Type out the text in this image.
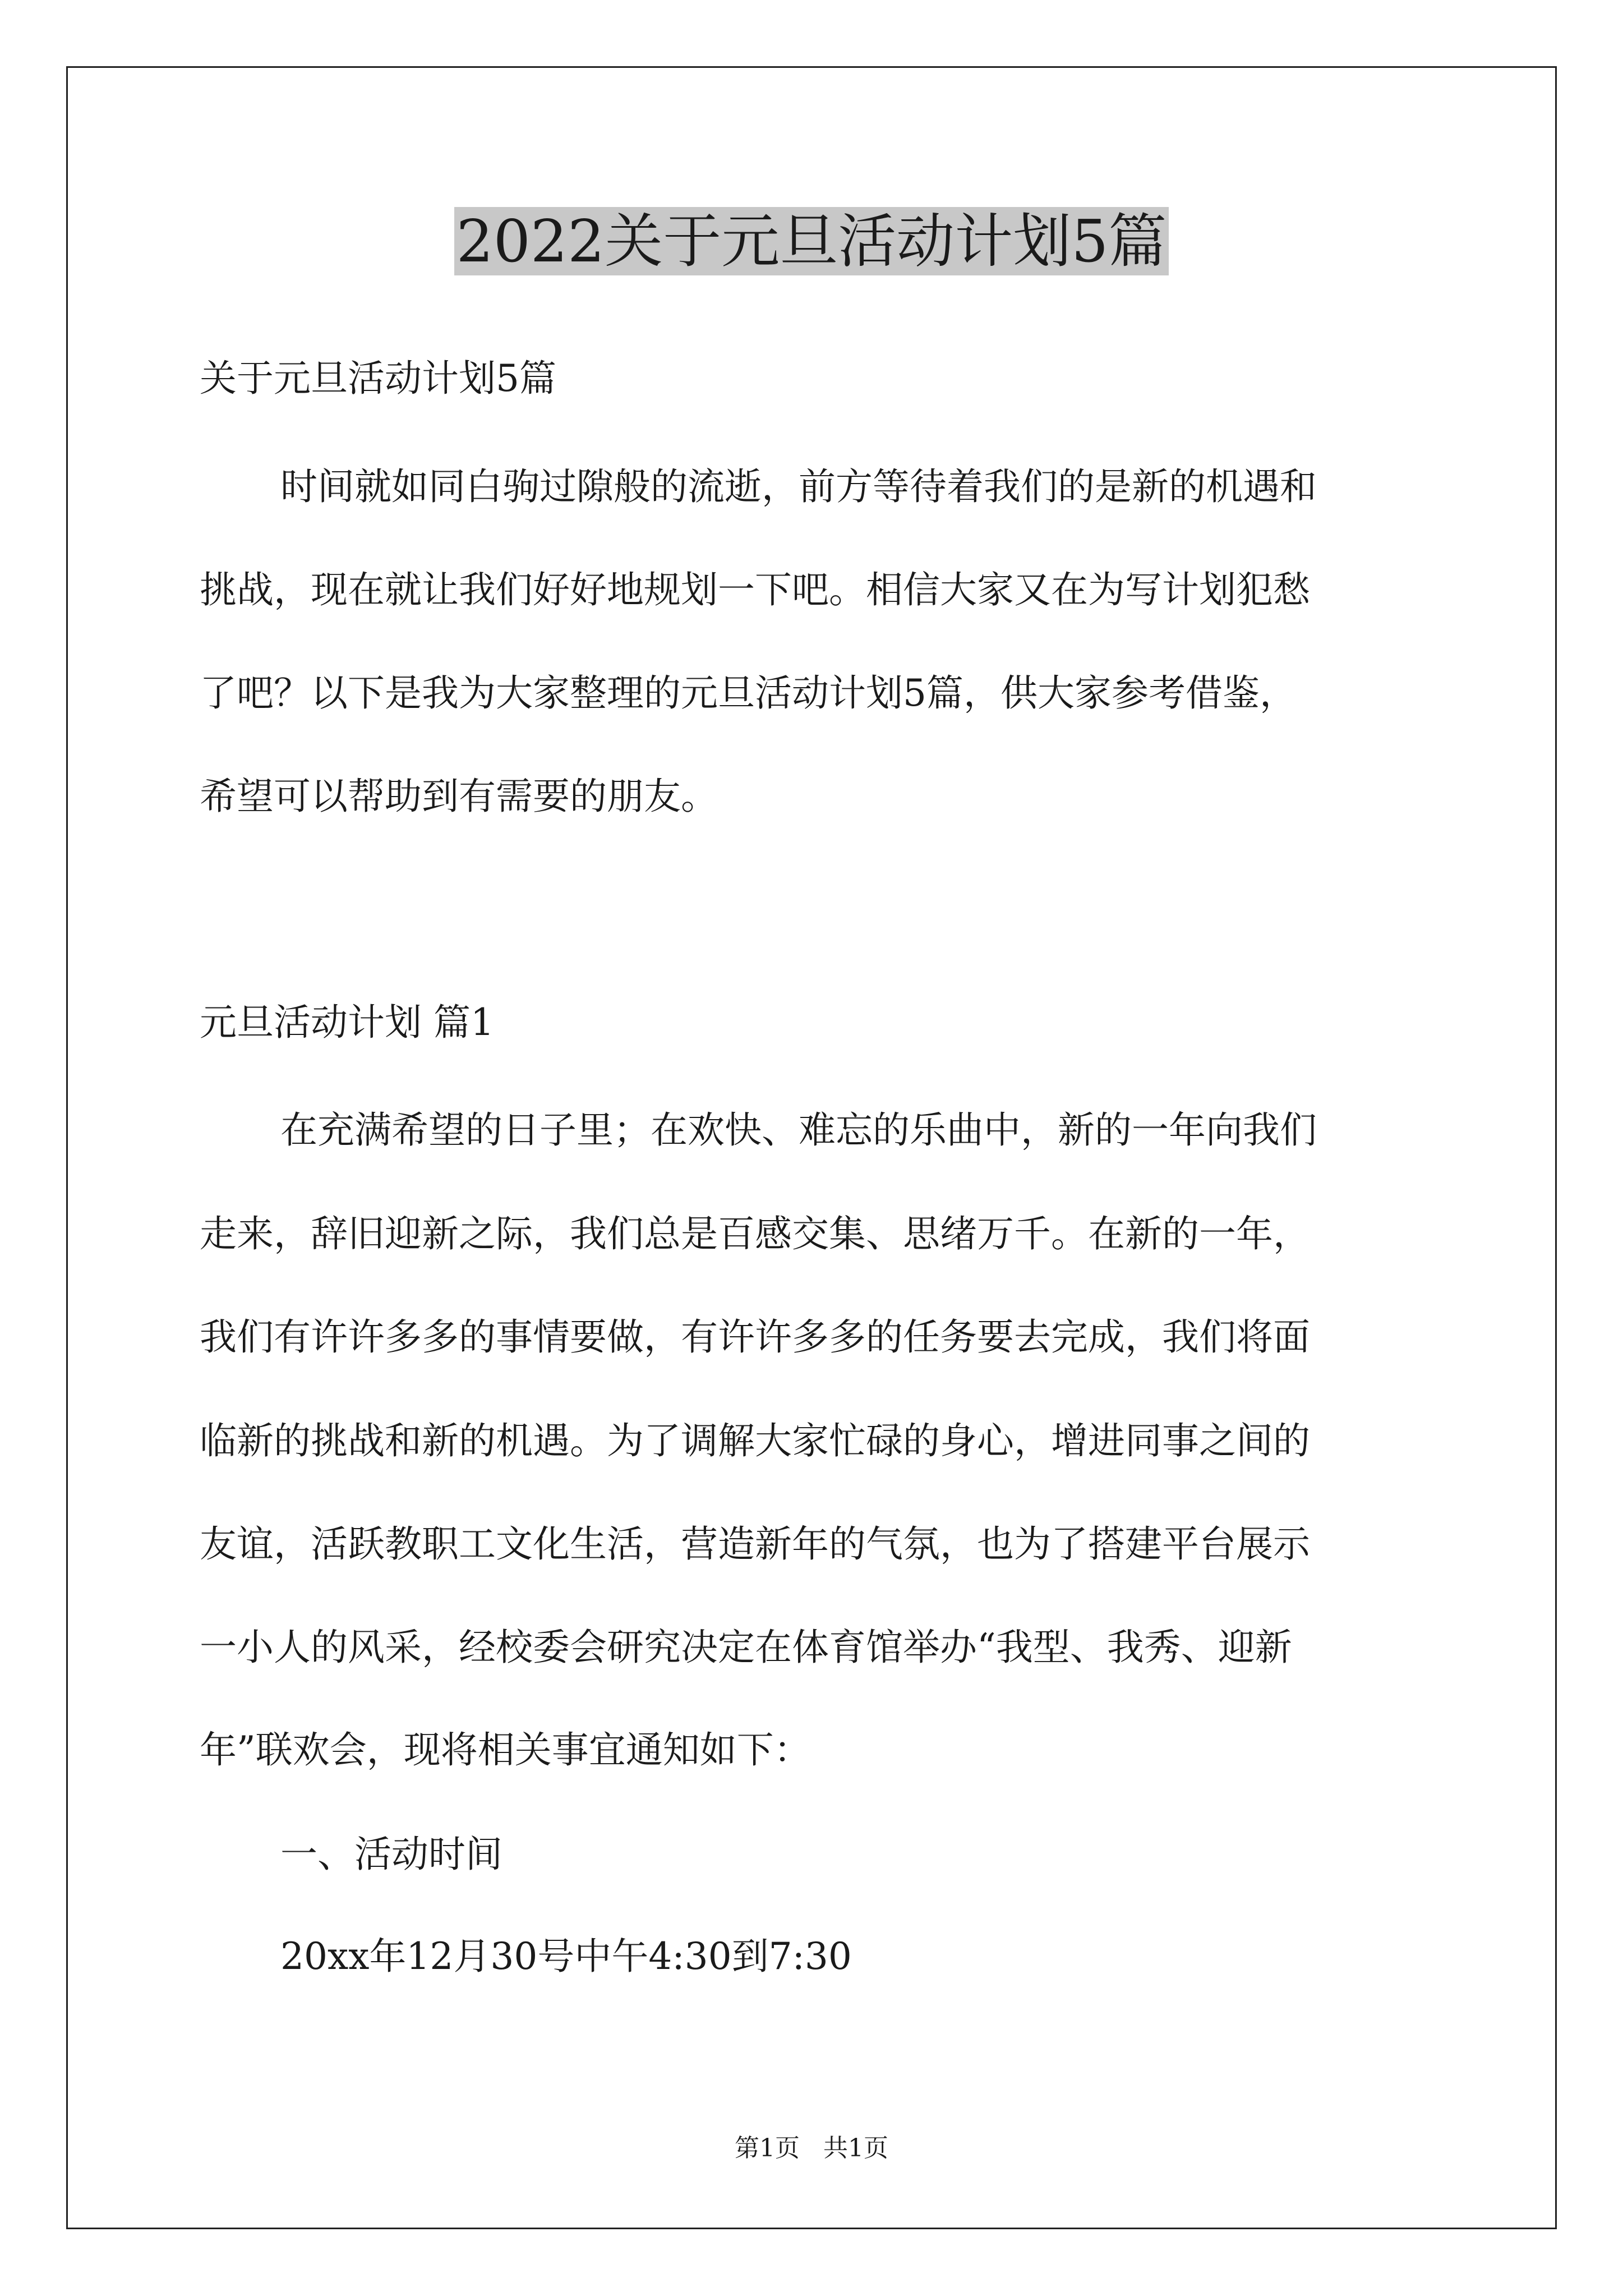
2022关于元旦活动计划5篇
关于元旦活动计划5篇
时间就如同白驹过隙般的流逝，前方等待着我们的是新的机遇和
挑战，现在就让我们好好地规划一下吧。相信大家又在为写计划犯愁
了吧？以下是我为大家整理的元旦活动计划5篇，供大家参考借鉴，
希望可以帮助到有需要的朋友。
元旦活动计划 篇1
在充满希望的日子里；在欢快、难忘的乐曲中，新的一年向我们
走来，辞旧迎新之际，我们总是百感交集、思绪万千。在新的一年，
我们有许许多多的事情要做，有许许多多的任务要去完成，我们将面
临新的挑战和新的机遇。为了调解大家忙碌的身心，增进同事之间的
友谊，活跃教职工文化生活，营造新年的气氛，也为了搭建平台展示
一小人的风采，经校委会研究决定在体育馆举办“我型、我秀、迎新
年”联欢会，现将相关事宜通知如下：
一、活动时间
20xx年12月30号中午4:30到7:30
第1页   共1页
